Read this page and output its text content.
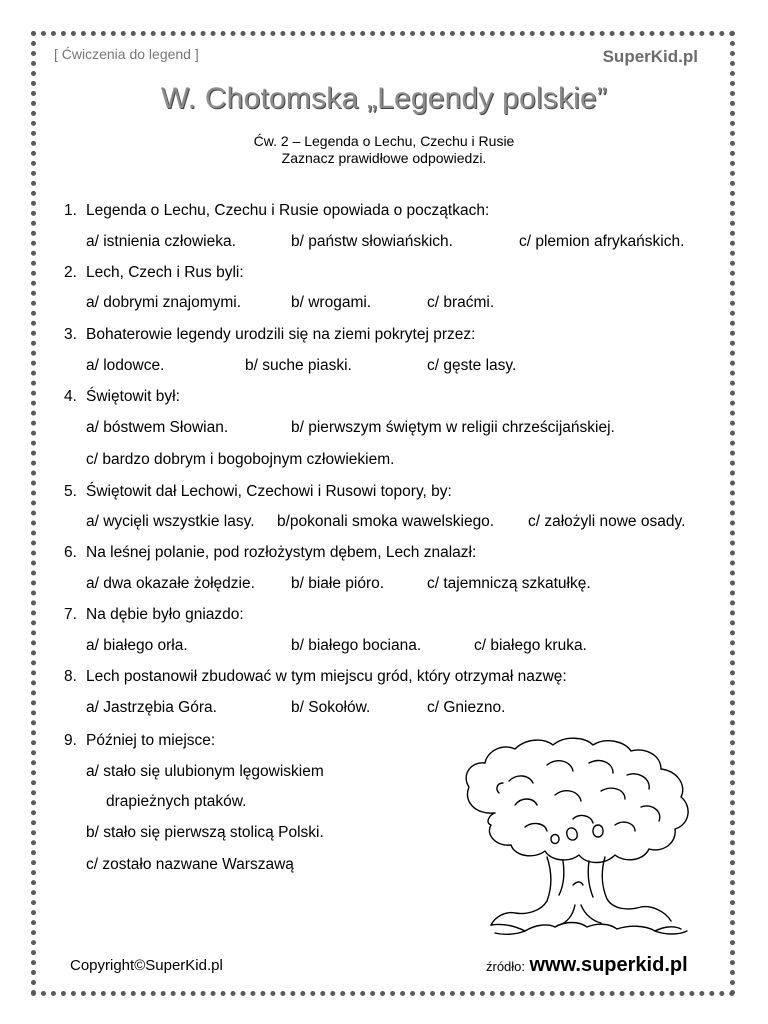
[ Ćwiczenia do legend ]	SuperKid.pl
W. Chotomska „Legendy polskie”
Ćw. 2 – Legenda o Lechu, Czechu i Rusie
Zaznacz prawidłowe odpowiedzi.
1. Legenda o Lechu, Czechu i Rusie opowiada o początkach:
a/ istnienia człowieka.	b/ państw słowiańskich.	c/ plemion afrykańskich.
2. Lech, Czech i Rus byli:
a/ dobrymi znajomymi.	b/ wrogami.	c/ braćmi.
3. Bohaterowie legendy urodzili się na ziemi pokrytej przez:
a/ lodowce.	b/ suche piaski.	c/ gęste lasy.
4. Świętowit był:
a/ bóstwem Słowian.	b/ pierwszym świętym w religii chrześcijańskiej.
c/ bardzo dobrym i bogobojnym człowiekiem.
5. Świętowit dał Lechowi, Czechowi i Rusowi topory, by:
a/ wycięli wszystkie lasy. b/pokonali smoka wawelskiego. c/ założyli nowe osady.
6. Na leśnej polanie, pod rozłożystym dębem, Lech znalazł:
a/ dwa okazałe żołędzie. b/ białe pióro.	c/ tajemniczą szkatułkę.
7. Na dębie było gniazdo:
a/ białego orła.	b/ białego bociana.	c/ białego kruka.
8. Lech postanowił zbudować w tym miejscu gród, który otrzymał nazwę:
a/ Jastrzębia Góra.	b/ Sokołów.	c/ Gniezno.
9. Później to miejsce:
a/ stało się ulubionym lęgowiskiem
drapieżnych ptaków.
b/ stało się pierwszą stolicą Polski.
c/ zostało nazwane Warszawą
Copyright©SuperKid.pl	źródło: www.superkid.pl
